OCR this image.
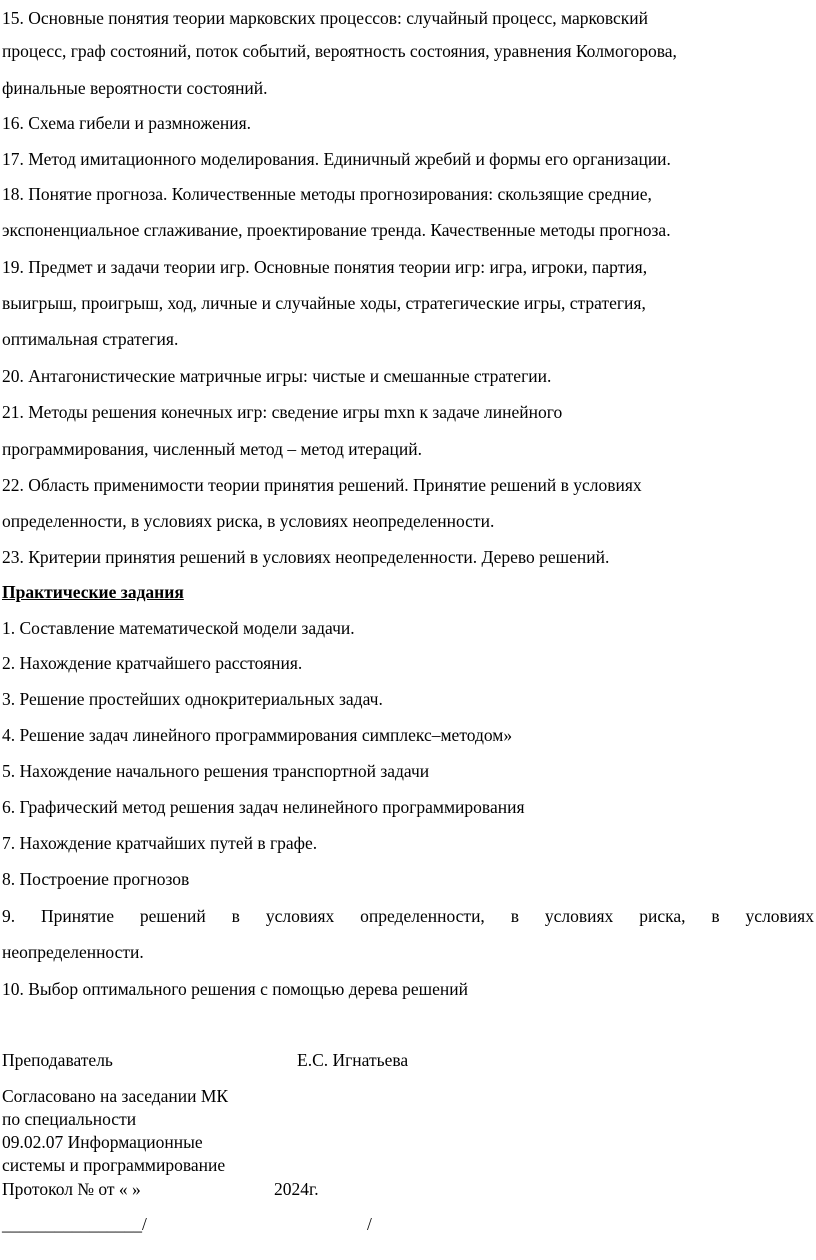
15. Основные понятия теории марковских процессов: случайный процесс, марковский
процесс, граф состояний, поток событий, вероятность состояния, уравнения Колмогорова,
финальные вероятности состояний.
16. Схема гибели и размножения.
17. Метод имитационного моделирования. Единичный жребий и формы его организации.
18. Понятие прогноза. Количественные методы прогнозирования: скользящие средние,
экспоненциальное сглаживание, проектирование тренда. Качественные методы прогноза.
19. Предмет и задачи теории игр. Основные понятия теории игр: игра, игроки, партия,
выигрыш, проигрыш, ход, личные и случайные ходы, стратегические игры, стратегия,
оптимальная стратегия.
20. Антагонистические матричные игры: чистые и смешанные стратегии.
21. Методы решения конечных игр: сведение игры mxn к задаче линейного
программирования, численный метод – метод итераций.
22. Область применимости теории принятия решений. Принятие решений в условиях
определенности, в условиях риска, в условиях неопределенности.
23. Критерии принятия решений в условиях неопределенности. Дерево решений.
Практические задания
1. Составление математической модели задачи.
2. Нахождение кратчайшего расстояния.
3. Решение простейших однокритериальных задач.
4. Решение задач линейного программирования симплекс–методом»
5. Нахождение начального решения транспортной задачи
6. Графический метод решения задач нелинейного программирования
7. Нахождение кратчайших путей в графе.
8. Построение прогнозов
9. Принятие решений в условиях определенности, в условиях риска, в условиях
неопределенности.
10. Выбор оптимального решения с помощью дерева решений
Преподаватель	Е.С. Игнатьева
Согласовано на заседании МК
по специальности
09.02.07 Информационные
системы и программирование
Протокол № от « »	2024г.
________________/	/
